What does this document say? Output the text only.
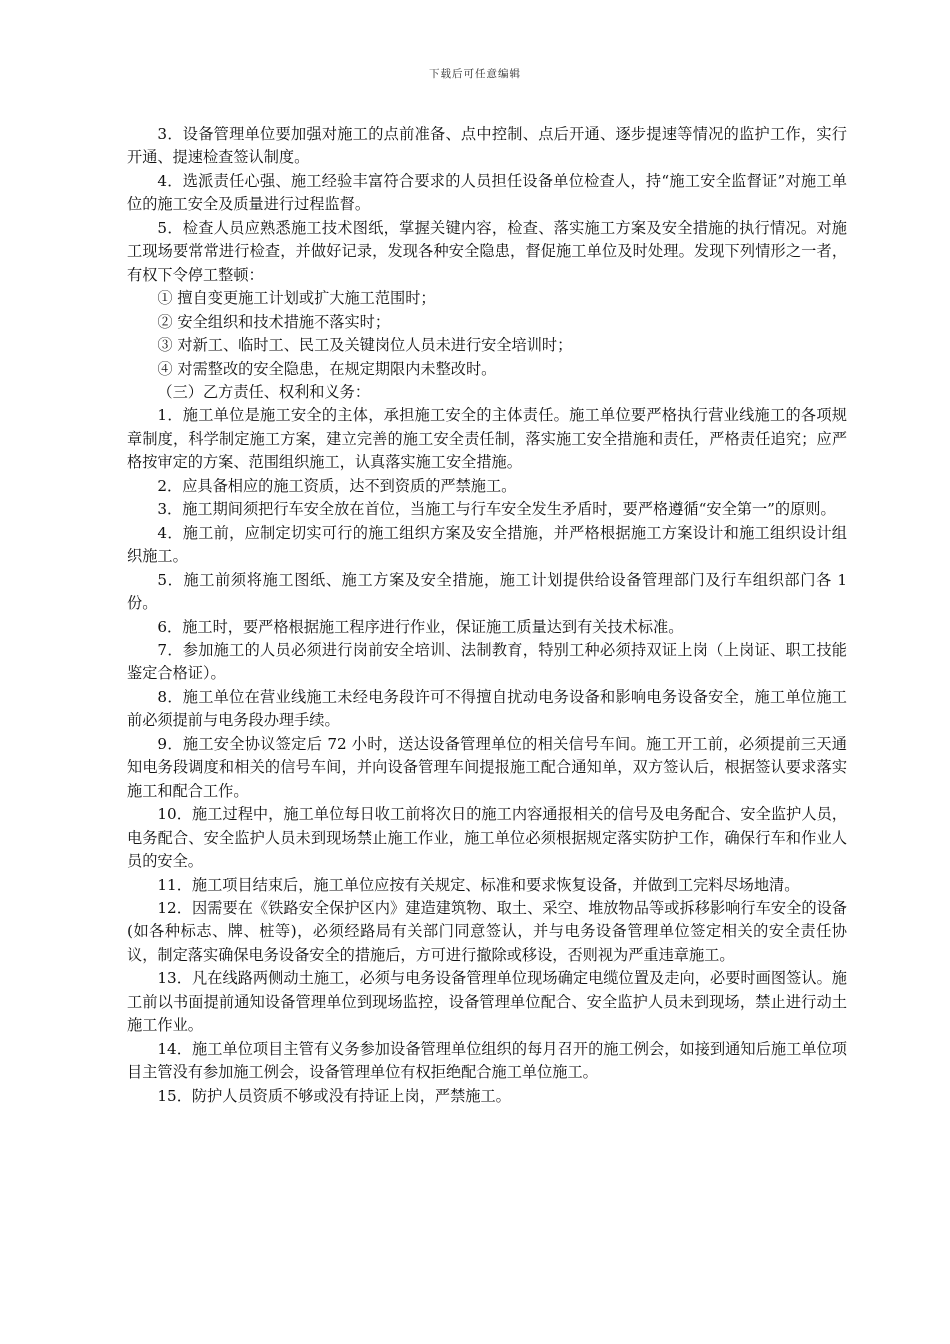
下载后可任意编辑

3．设备管理单位要加强对施工的点前准备、点中控制、点后开通、逐步提速等情况的监护工作，实行开通、提速检查签认制度。

4．选派责任心强、施工经验丰富符合要求的人员担任设备单位检查人，持“施工安全监督证”对施工单位的施工安全及质量进行过程监督。

5．检查人员应熟悉施工技术图纸，掌握关键内容，检查、落实施工方案及安全措施的执行情况。对施工现场要常常进行检查，并做好记录，发现各种安全隐患，督促施工单位及时处理。发现下列情形之一者，有权下令停工整顿：

① 擅自变更施工计划或扩大施工范围时；

② 安全组织和技术措施不落实时；

③ 对新工、临时工、民工及关键岗位人员未进行安全培训时；

④ 对需整改的安全隐患，在规定期限内未整改时。

（三）乙方责任、权利和义务：

1．施工单位是施工安全的主体，承担施工安全的主体责任。施工单位要严格执行营业线施工的各项规章制度，科学制定施工方案，建立完善的施工安全责任制，落实施工安全措施和责任，严格责任追究；应严格按审定的方案、范围组织施工，认真落实施工安全措施。

2．应具备相应的施工资质，达不到资质的严禁施工。

3．施工期间须把行车安全放在首位，当施工与行车安全发生矛盾时，要严格遵循“安全第一”的原则。

4．施工前，应制定切实可行的施工组织方案及安全措施，并严格根据施工方案设计和施工组织设计组织施工。

5．施工前须将施工图纸、施工方案及安全措施，施工计划提供给设备管理部门及行车组织部门各 1 份。

6．施工时，要严格根据施工程序进行作业，保证施工质量达到有关技术标准。

7．参加施工的人员必须进行岗前安全培训、法制教育，特别工种必须持双证上岗（上岗证、职工技能鉴定合格证）。

8．施工单位在营业线施工未经电务段许可不得擅自扰动电务设备和影响电务设备安全，施工单位施工前必须提前与电务段办理手续。

9．施工安全协议签定后 72 小时，送达设备管理单位的相关信号车间。施工开工前，必须提前三天通知电务段调度和相关的信号车间，并向设备管理车间提报施工配合通知单，双方签认后，根据签认要求落实施工和配合工作。

10．施工过程中，施工单位每日收工前将次日的施工内容通报相关的信号及电务配合、安全监护人员，电务配合、安全监护人员未到现场禁止施工作业，施工单位必须根据规定落实防护工作，确保行车和作业人员的安全。

11．施工项目结束后，施工单位应按有关规定、标准和要求恢复设备，并做到工完料尽场地清。

12．因需要在《铁路安全保护区内》建造建筑物、取土、采空、堆放物品等或拆移影响行车安全的设备(如各种标志、牌、桩等)，必须经路局有关部门同意签认，并与电务设备管理单位签定相关的安全责任协议，制定落实确保电务设备安全的措施后，方可进行撤除或移设，否则视为严重违章施工。

13．凡在线路两侧动土施工，必须与电务设备管理单位现场确定电缆位置及走向，必要时画图签认。施工前以书面提前通知设备管理单位到现场监控，设备管理单位配合、安全监护人员未到现场，禁止进行动土施工作业。

14．施工单位项目主管有义务参加设备管理单位组织的每月召开的施工例会，如接到通知后施工单位项目主管没有参加施工例会，设备管理单位有权拒绝配合施工单位施工。

15．防护人员资质不够或没有持证上岗，严禁施工。
